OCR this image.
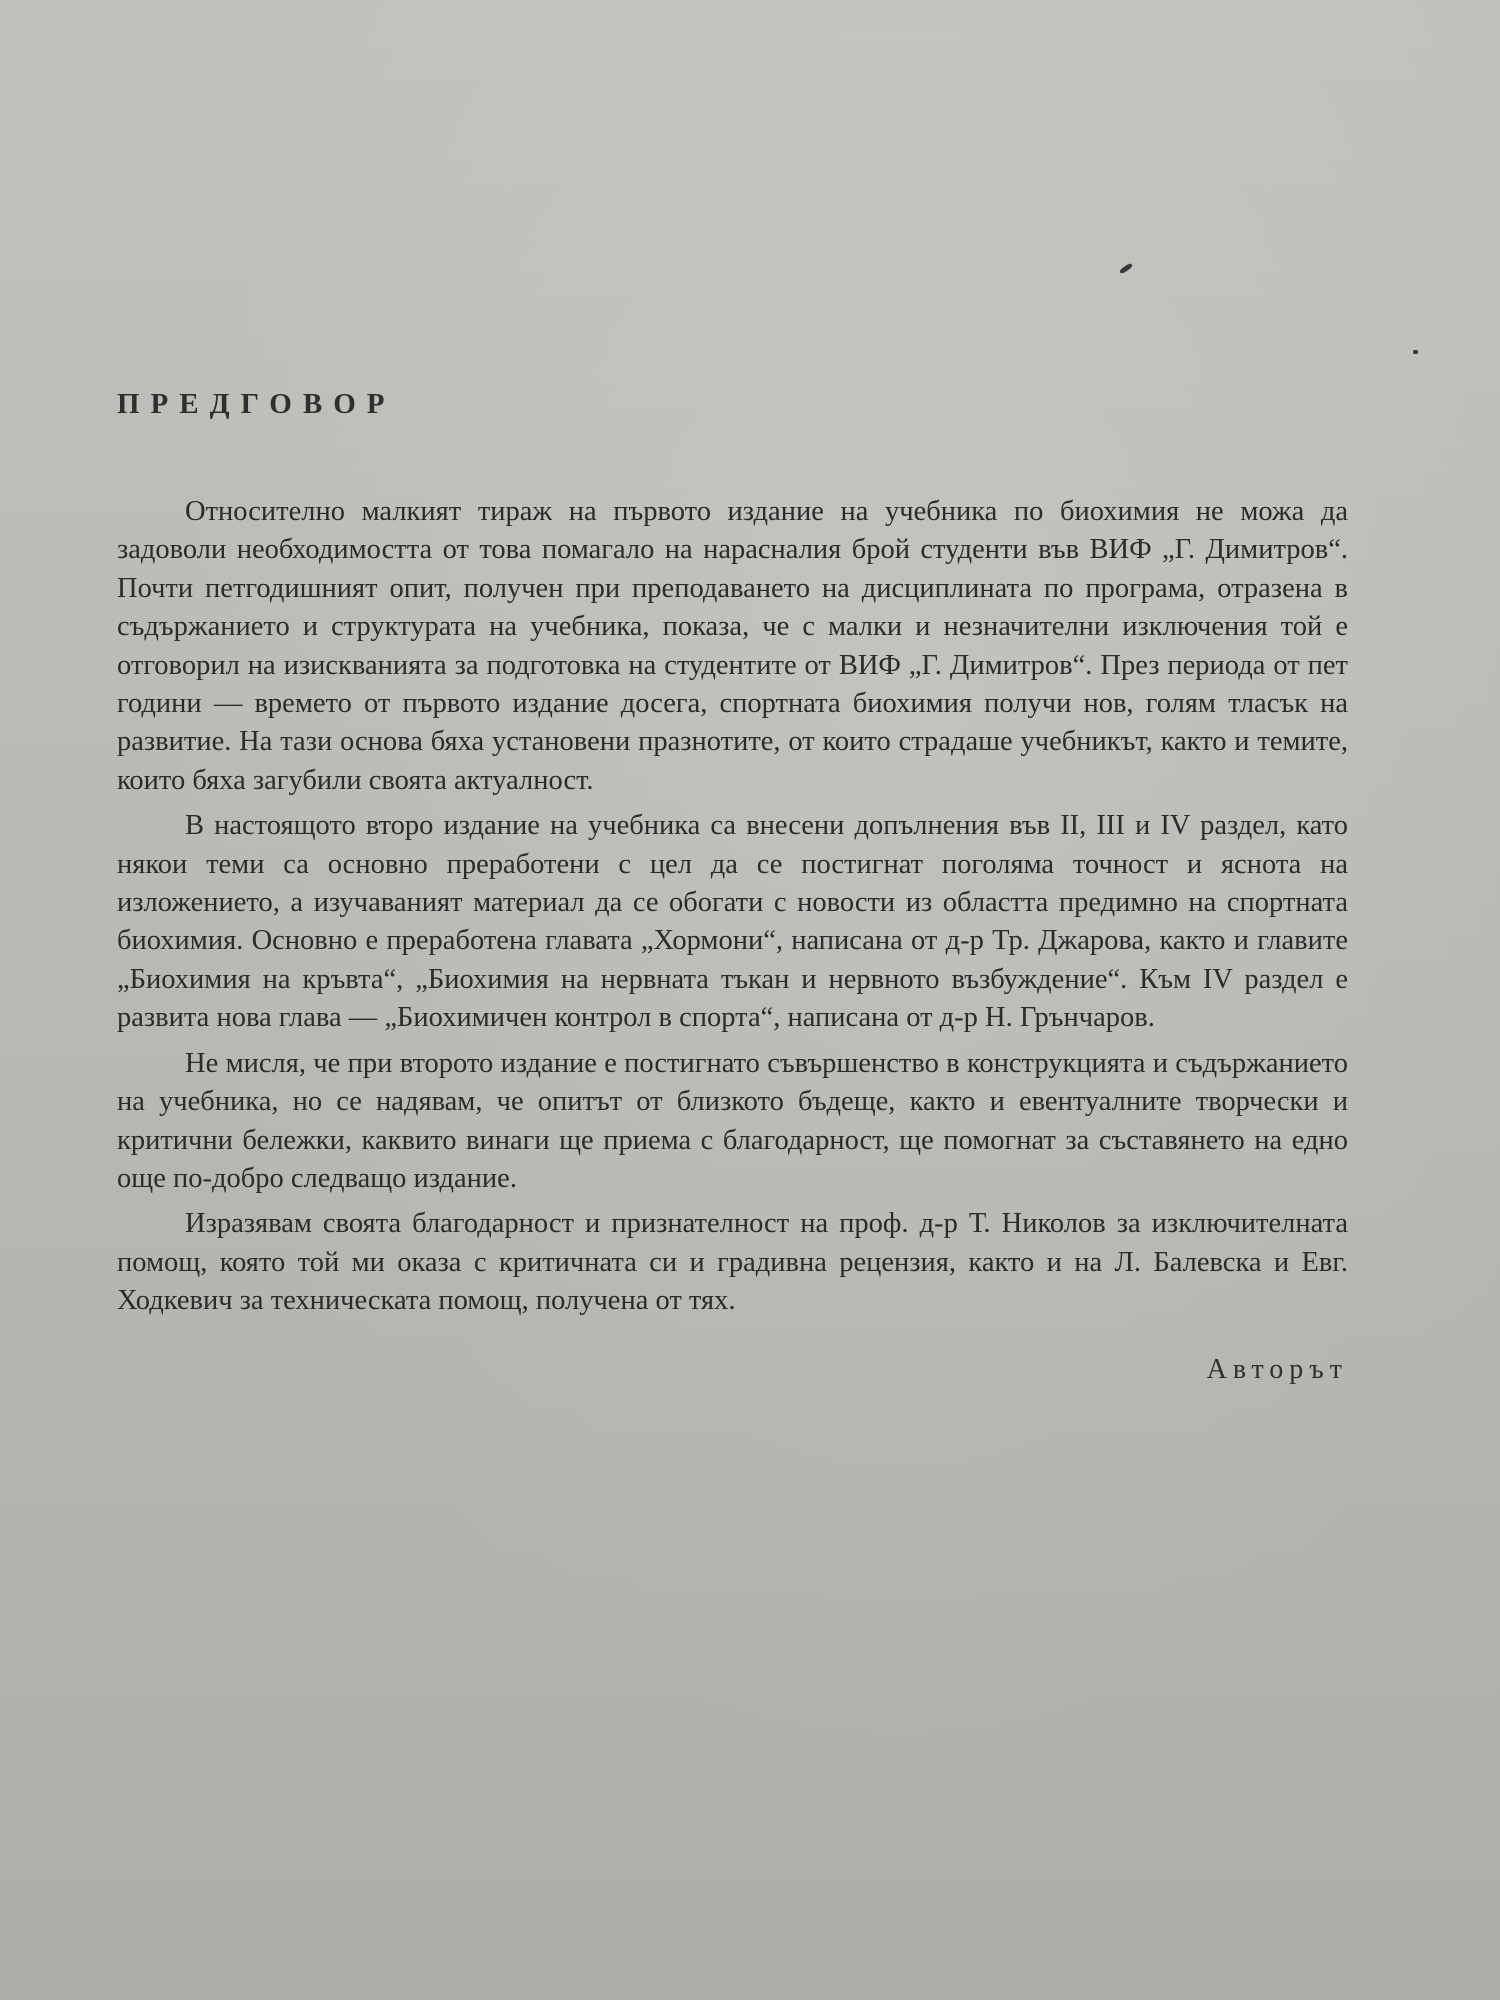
ПРЕДГОВОР

Относително малкият тираж на първото издание на учебника по биохимия не можа да задоволи необходимостта от това помагало на нарасналия брой студенти във ВИФ „Г. Димитров“. Почти петгодишният опит, получен при преподаването на дисциплината по програма, отразена в съдържанието и структурата на учебника, показа, че с малки и незначителни изключения той е отговорил на изискванията за подготовка на студентите от ВИФ „Г. Димитров“. През периода от пет години — времето от първото издание досега, спортната биохимия получи нов, голям тласък на развитие. На тази основа бяха установени празнотите, от които страдаше учебникът, както и темите, които бяха загубили своята актуалност.

В настоящото второ издание на учебника са внесени допълнения във II, III и IV раздел, като някои теми са основно преработени с цел да се постигнат поголяма точност и яснота на изложението, а изучаваният материал да се обогати с новости из областта предимно на спортната биохимия. Основно е преработена главата „Хормони“, написана от д-р Тр. Джарова, както и главите „Биохимия на кръвта“, „Биохимия на нервната тъкан и нервното възбуждение“. Към IV раздел е развита нова глава — „Биохимичен контрол в спорта“, написана от д-р Н. Грънчаров.

Не мисля, че при второто издание е постигнато съвършенство в конструкцията и съдържанието на учебника, но се надявам, че опитът от близкото бъдеще, както и евентуалните творчески и критични бележки, каквито винаги ще приема с благодарност, ще помогнат за съставянето на едно още по-добро следващо издание.

Изразявам своята благодарност и признателност на проф. д-р Т. Николов за изключителната помощ, която той ми оказа с критичната си и градивна рецензия, както и на Л. Балевска и Евг. Ходкевич за техническата помощ, получена от тях.

Авторът
